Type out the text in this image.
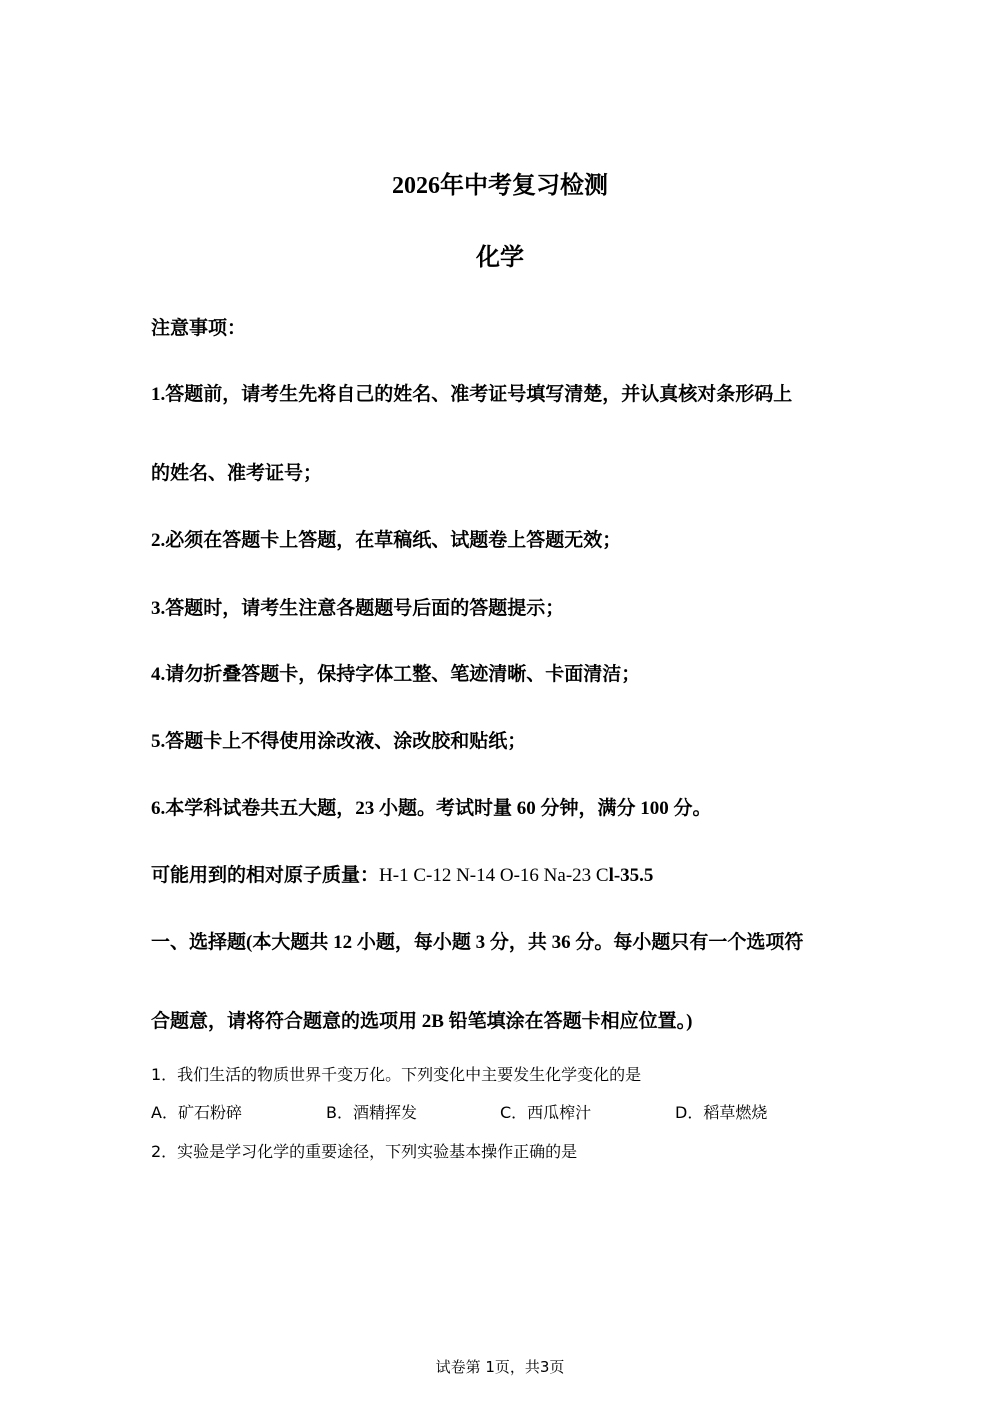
2026年中考复习检测
化学
注意事项：
1.答题前，请考生先将自己的姓名、准考证号填写清楚，并认真核对条形码上
的姓名、准考证号；
2.必须在答题卡上答题，在草稿纸、试题卷上答题无效；
3.答题时，请考生注意各题题号后面的答题提示；
4.请勿折叠答题卡，保持字体工整、笔迹清晰、卡面清洁；
5.答题卡上不得使用涂改液、涂改胶和贴纸；
6.本学科试卷共五大题，23 小题。考试时量 60 分钟，满分 100 分。
可能用到的相对原子质量：H-1 C-12 N-14 O-16 Na-23 Cl-35.5
一、选择题(本大题共 12 小题，每小题 3 分，共 36 分。每小题只有一个选项符
合题意，请将符合题意的选项用 2B 铅笔填涂在答题卡相应位置。)
1．我们生活的物质世界千变万化。下列变化中主要发生化学变化的是
A．矿石粉碎	B．酒精挥发	C．西瓜榨汁	D．稻草燃烧
2．实验是学习化学的重要途径，下列实验基本操作正确的是
试卷第 1页，共3页
